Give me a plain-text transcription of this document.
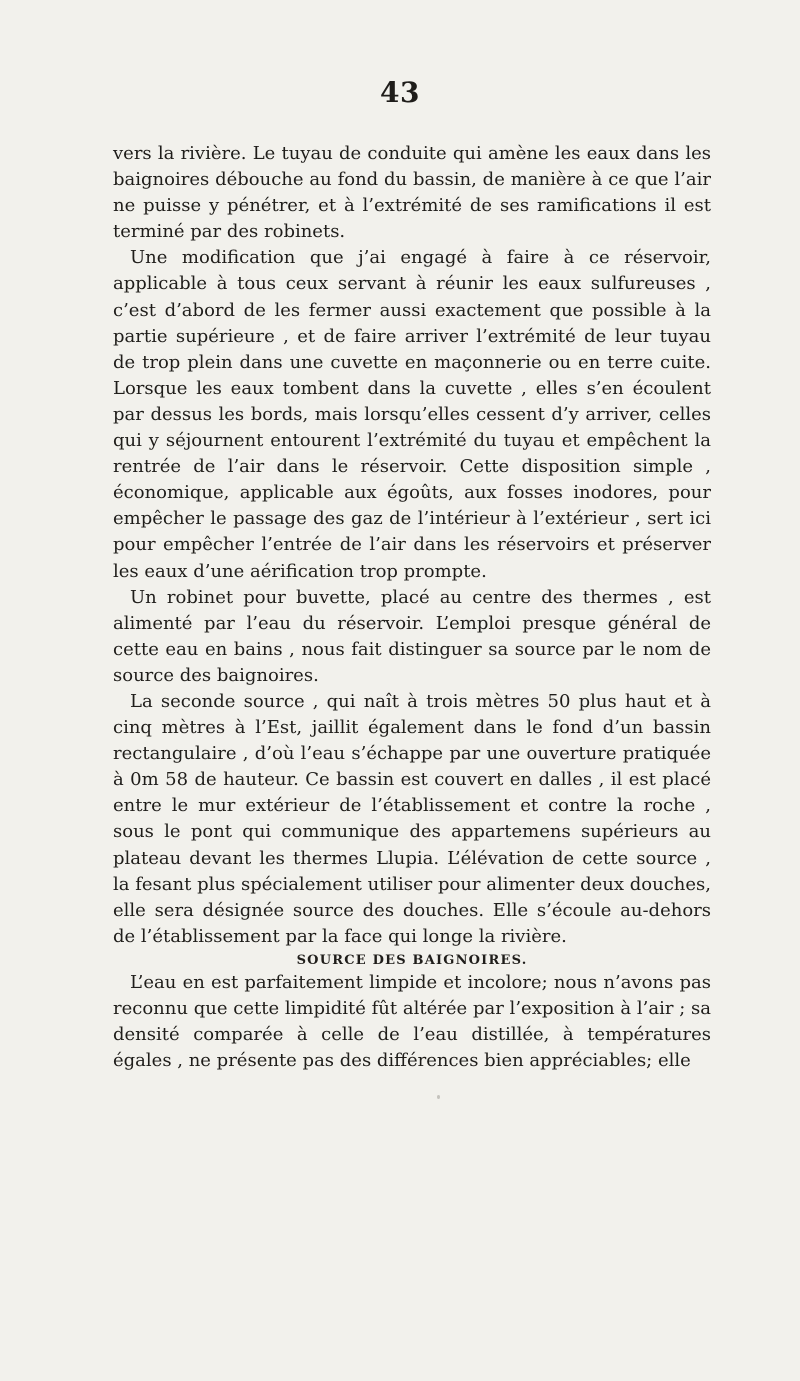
43

vers la rivière. Le tuyau de conduite qui amène les eaux dans les baignoires débouche au fond du bassin, de manière à ce que l’air ne puisse y pénétrer, et à l’extrémité de ses ramifications il est terminé par des robinets.

Une modification que j’ai engagé à faire à ce réservoir, applicable à tous ceux servant à réunir les eaux sulfureuses , c’est d’abord de les fermer aussi exactement que possible à la partie supérieure , et de faire arriver l’extrémité de leur tuyau de trop plein dans une cuvette en maçonnerie ou en terre cuite. Lorsque les eaux tombent dans la cuvette , elles s’en écoulent par dessus les bords, mais lorsqu’elles cessent d’y arriver, celles qui y séjournent entourent l’extrémité du tuyau et empêchent la rentrée de l’air dans le réservoir. Cette disposition simple , économique, applicable aux égoûts, aux fosses inodores, pour empêcher le passage des gaz de l’intérieur à l’extérieur , sert ici pour empêcher l’entrée de l’air dans les réservoirs et préserver les eaux d’une aérification trop prompte.

Un robinet pour buvette, placé au centre des thermes , est alimenté par l’eau du réservoir. L’emploi presque général de cette eau en bains , nous fait distinguer sa source par le nom de source des baignoires.

La seconde source , qui naît à trois mètres 50 plus haut et à cinq mètres à l’Est, jaillit également dans le fond d’un bassin rectangulaire , d’où l’eau s’échappe par une ouverture pratiquée à 0m 58 de hauteur. Ce bassin est couvert en dalles , il est placé entre le mur extérieur de l’établissement et contre la roche , sous le pont qui communique des appartemens supérieurs au plateau devant les thermes Llupia. L’élévation de cette source , la fesant plus spécialement utiliser pour alimenter deux douches, elle sera désignée source des douches. Elle s’écoule au-dehors de l’établissement par la face qui longe la rivière.

SOURCE DES BAIGNOIRES.

L’eau en est parfaitement limpide et incolore; nous n’avons pas reconnu que cette limpidité fût altérée par l’exposition à l’air ; sa densité comparée à celle de l’eau distillée, à températures égales , ne présente pas des différences bien appréciables; elle
